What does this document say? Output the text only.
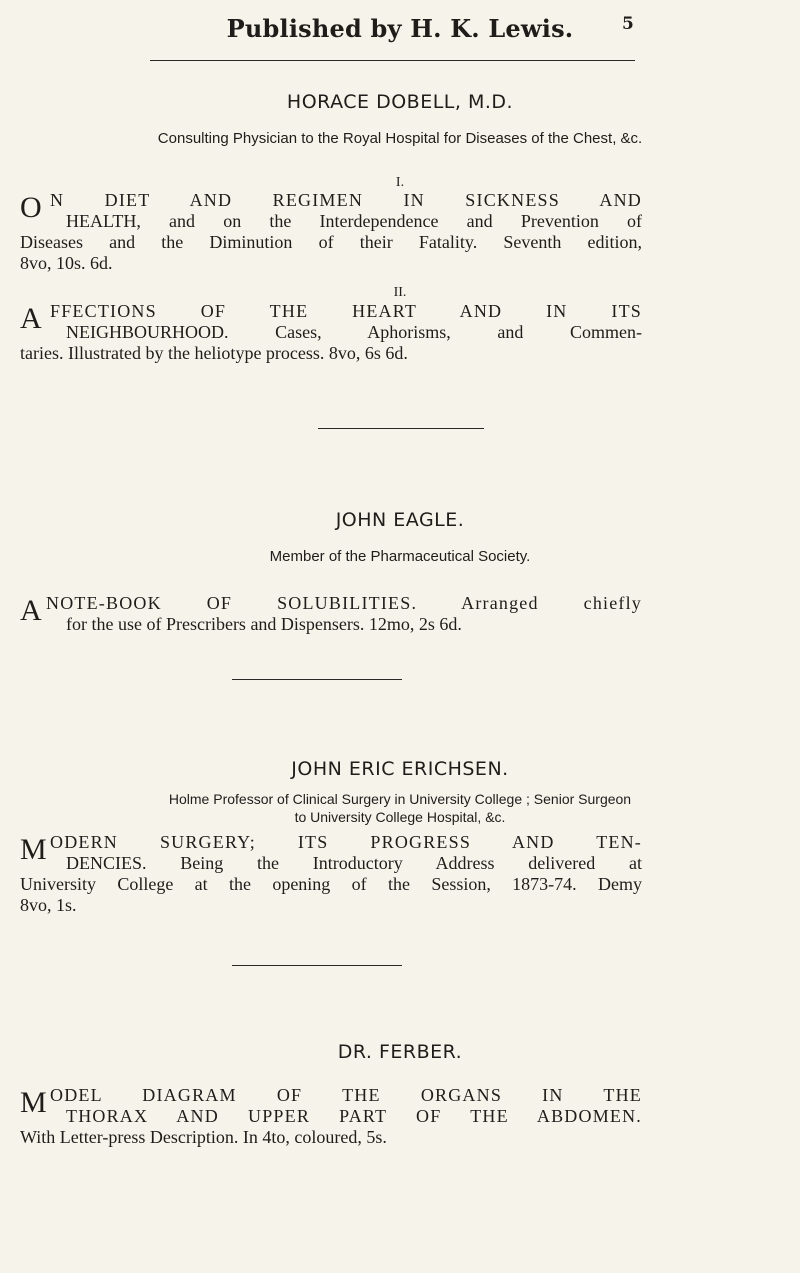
Published by H. K. Lewis.	5
HORACE DOBELL, M.D.
Consulting Physician to the Royal Hospital for Diseases of the Chest, &c.
I.
O N DIET AND REGIMEN IN SICKNESS AND
HEALTH, and on the Interdependence and Prevention of
Diseases and the Diminution of their Fatality. Seventh edition,
8vo, 10s. 6d.
II.
A FFECTIONS OF THE HEART AND IN ITS
NEIGHBOURHOOD. Cases, Aphorisms, and Commen-
taries. Illustrated by the heliotype process. 8vo, 6s 6d.
JOHN EAGLE.
Member of the Pharmaceutical Society.
A NOTE-BOOK OF SOLUBILITIES. Arranged chiefly
for the use of Prescribers and Dispensers. 12mo, 2s 6d.
JOHN ERIC ERICHSEN.
Holme Professor of Clinical Surgery in University College ; Senior Surgeon
to University College Hospital, &c.
M ODERN SURGERY; ITS PROGRESS AND TEN-
DENCIES. Being the Introductory Address delivered at
University College at the opening of the Session, 1873-74. Demy
8vo, 1s.
DR. FERBER.
M ODEL DIAGRAM OF THE ORGANS IN THE
THORAX AND UPPER PART OF THE ABDOMEN.
With Letter-press Description. In 4to, coloured, 5s.
